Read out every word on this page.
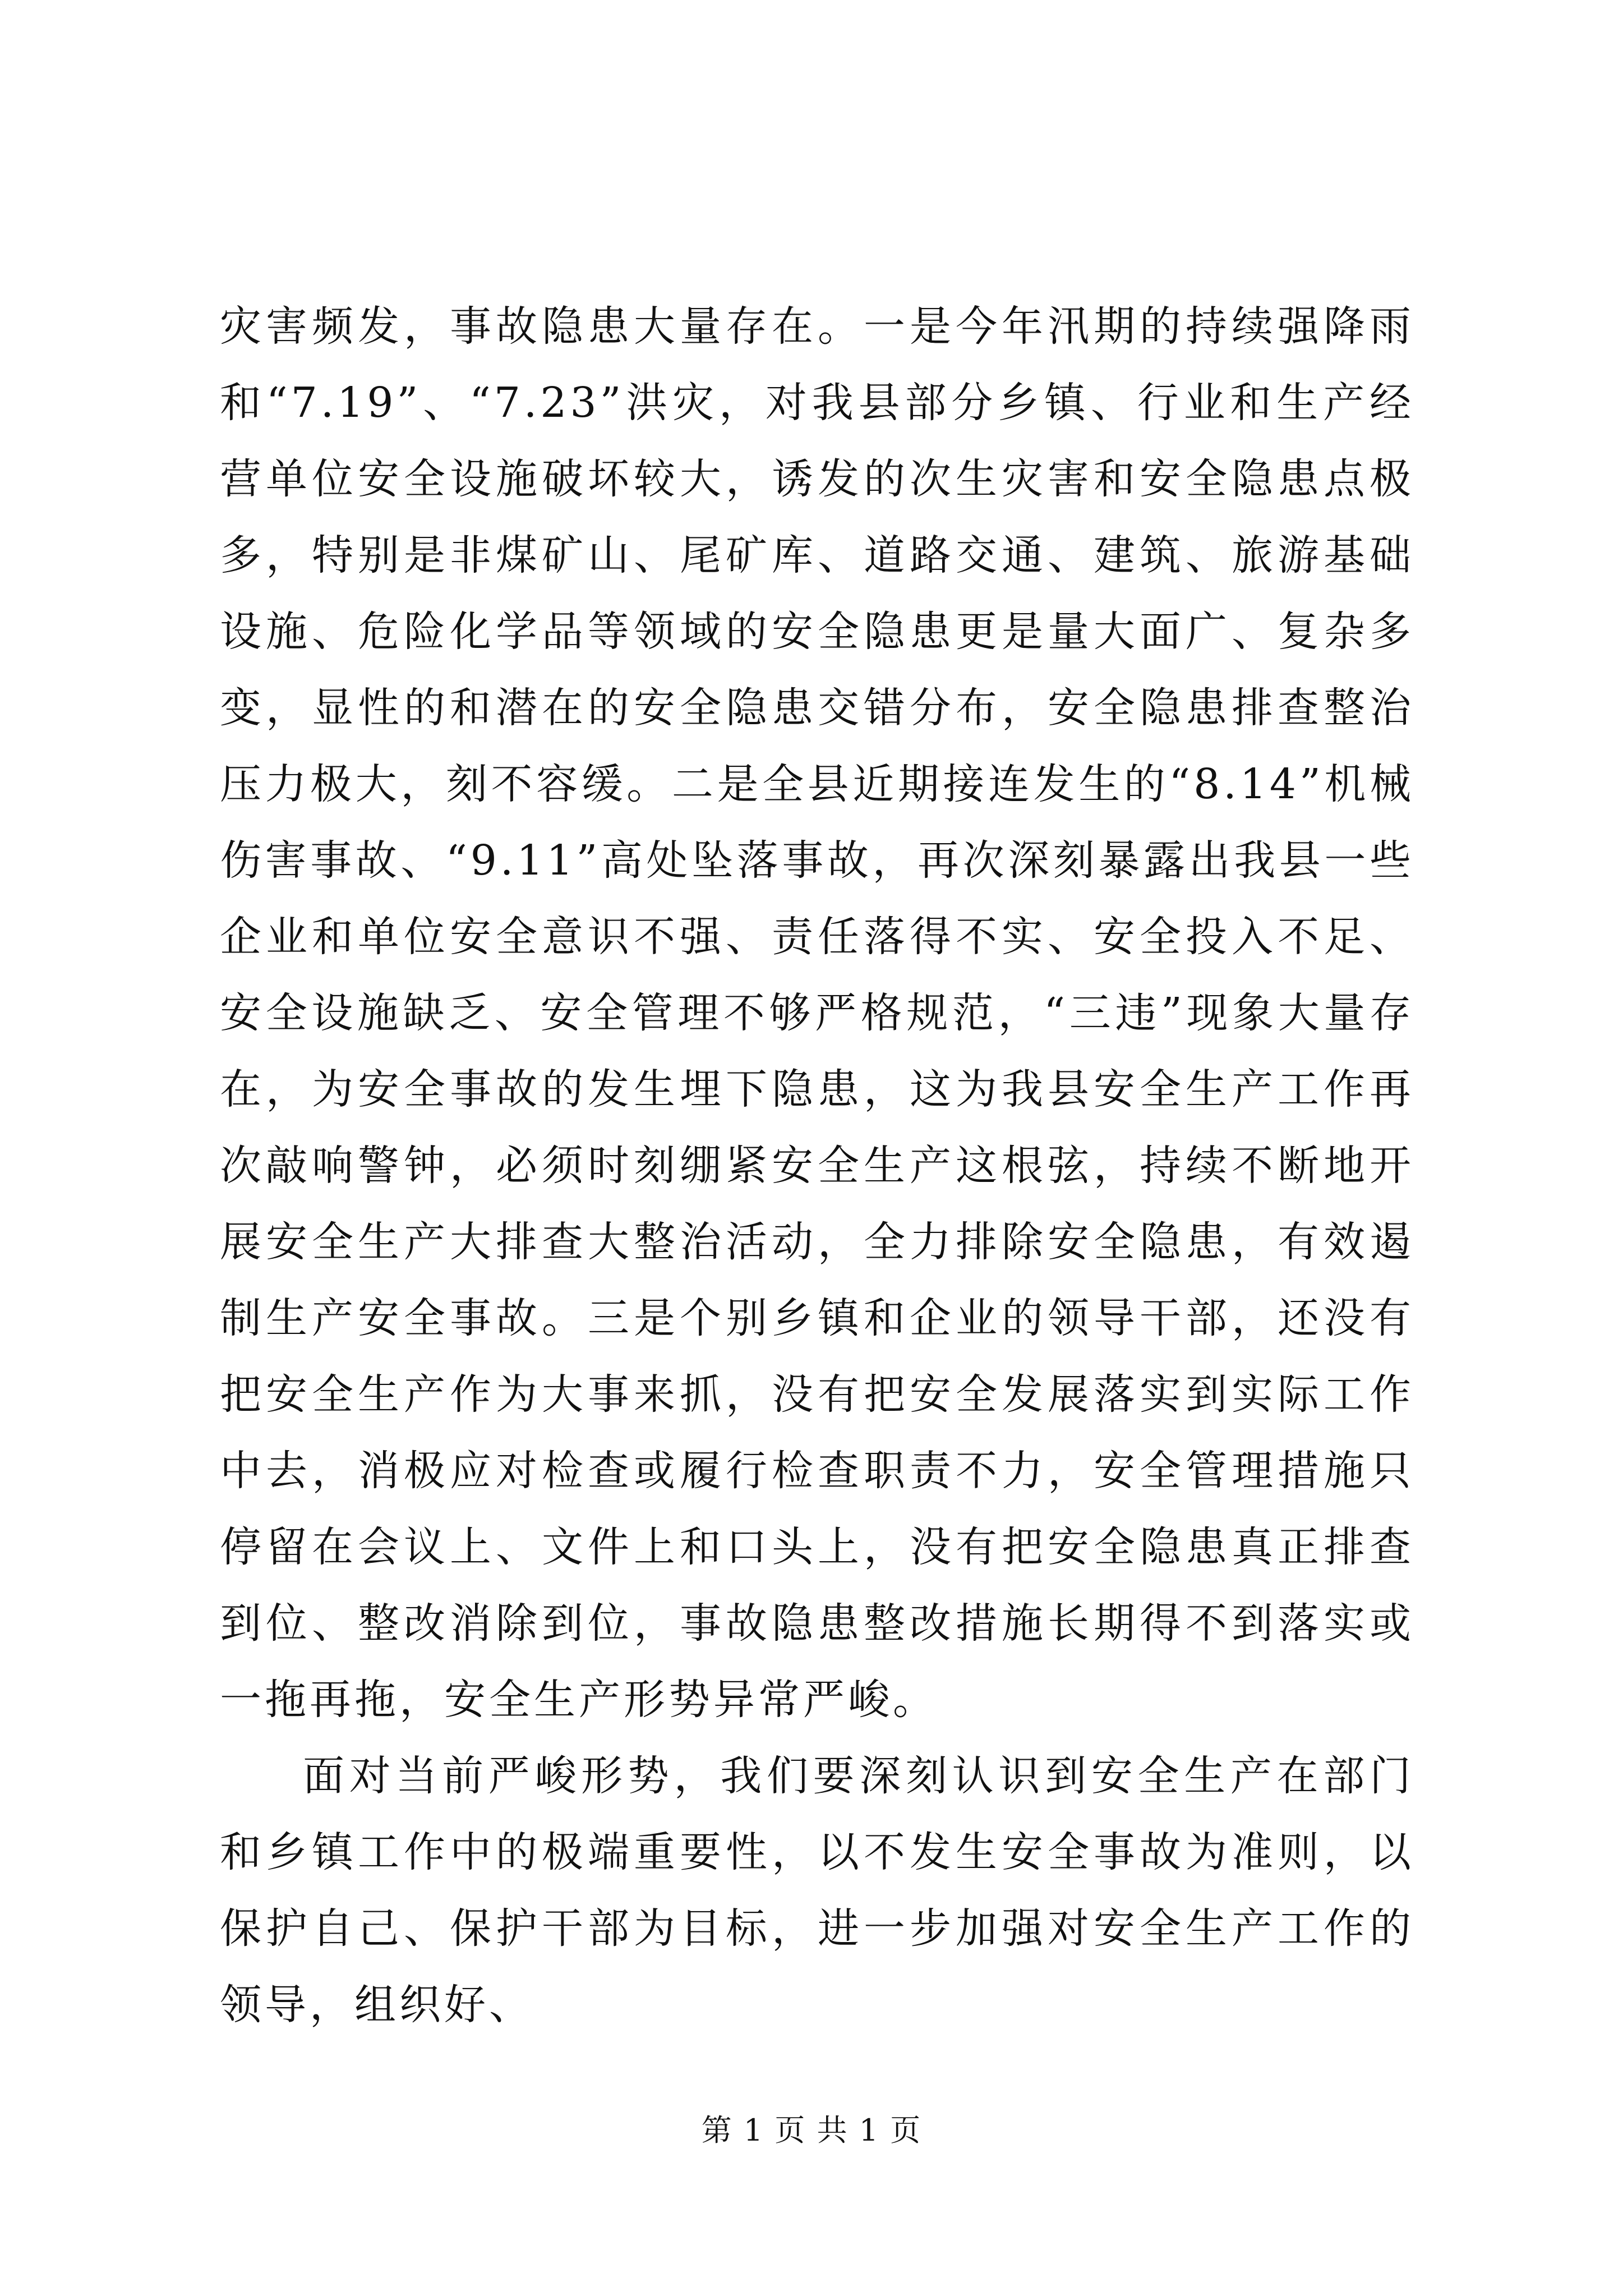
灾害频发，事故隐患大量存在。一是今年汛期的持续强降雨和“7.19”、“7.23”洪灾，对我县部分乡镇、行业和生产经营单位安全设施破坏较大，诱发的次生灾害和安全隐患点极多，特别是非煤矿山、尾矿库、道路交通、建筑、旅游基础设施、危险化学品等领域的安全隐患更是量大面广、复杂多变，显性的和潜在的安全隐患交错分布，安全隐患排查整治压力极大，刻不容缓。二是全县近期接连发生的“8.14”机械伤害事故、“9.11”高处坠落事故，再次深刻暴露出我县一些企业和单位安全意识不强、责任落得不实、安全投入不足、安全设施缺乏、安全管理不够严格规范，“三违”现象大量存在，为安全事故的发生埋下隐患，这为我县安全生产工作再次敲响警钟，必须时刻绷紧安全生产这根弦，持续不断地开展安全生产大排查大整治活动，全力排除安全隐患，有效遏制生产安全事故。三是个别乡镇和企业的领导干部，还没有把安全生产作为大事来抓，没有把安全发展落实到实际工作中去，消极应对检查或履行检查职责不力，安全管理措施只停留在会议上、文件上和口头上，没有把安全隐患真正排查到位、整改消除到位，事故隐患整改措施长期得不到落实或一拖再拖，安全生产形势异常严峻。

面对当前严峻形势，我们要深刻认识到安全生产在部门和乡镇工作中的极端重要性，以不发生安全事故为准则，以保护自己、保护干部为目标，进一步加强对安全生产工作的领导，组织好、

第 1 页 共 1 页
